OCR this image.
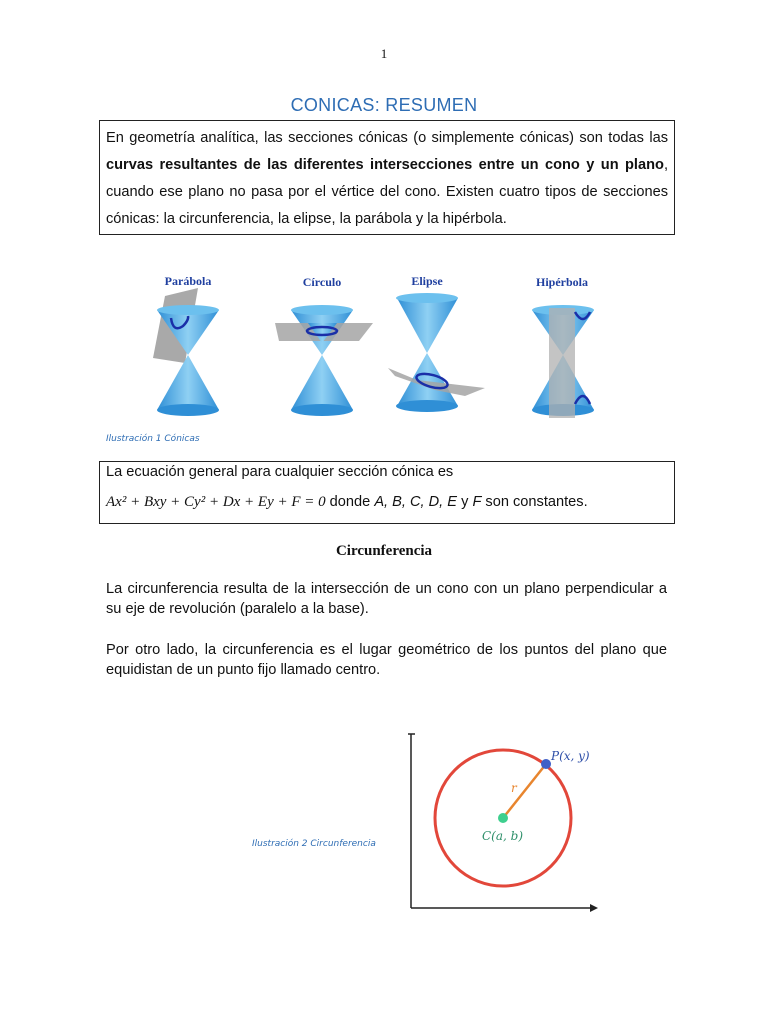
1
CONICAS: RESUMEN

En geometría analítica, las secciones cónicas (o simplemente cónicas) son todas las curvas resultantes de las diferentes intersecciones entre un cono y un plano, cuando ese plano no pasa por el vértice del cono. Existen cuatro tipos de secciones cónicas: la circunferencia, la elipse, la parábola y la hipérbola.

Parábola	Círculo	Elipse	Hipérbola
Ilustración 1 Cónicas
La ecuación general para cualquier sección cónica es
Ax² + Bxy + Cy² + Dx + Ey + F = 0 donde A, B, C, D, E y F son constantes.
Circunferencia

La circunferencia resulta de la intersección de un cono con un plano perpendicular a su eje de revolución (paralelo a la base).

Por otro lado, la circunferencia es el lugar geométrico de los puntos del plano que equidistan de un punto fijo llamado centro.

Ilustración 2 Circunferencia
P(x, y)
r
C(a, b)
